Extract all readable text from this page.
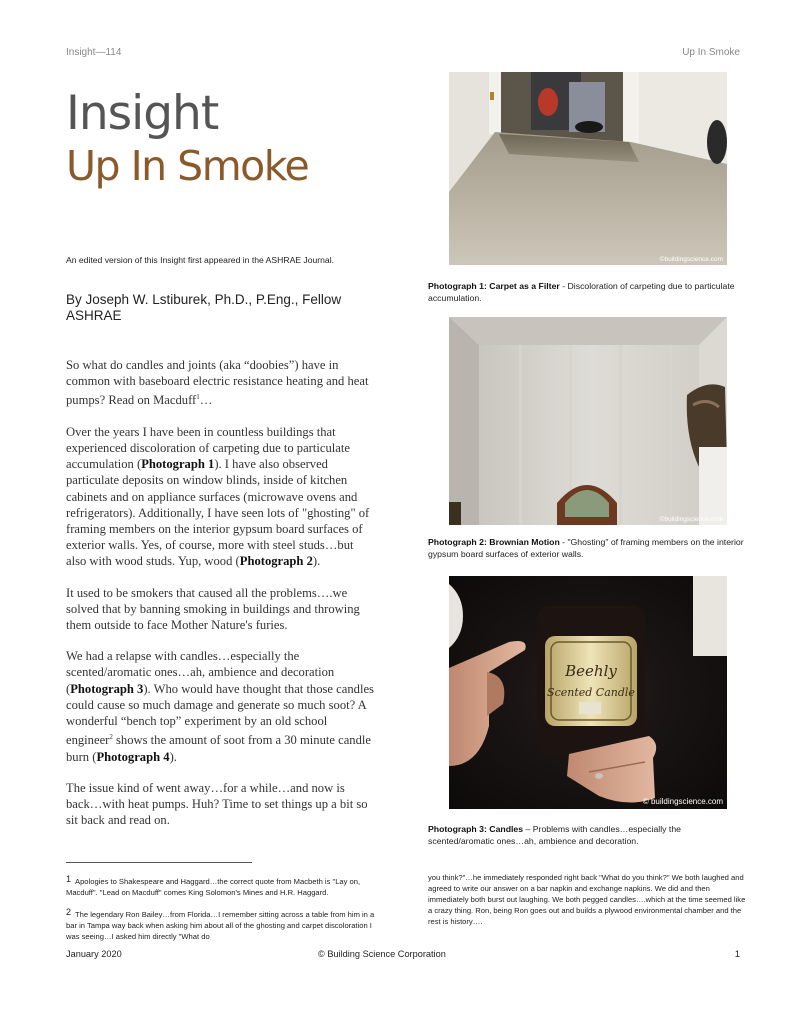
Insight—114	Up In Smoke
Insight
Up In Smoke
An edited version of this Insight first appeared in the ASHRAE Journal.
By Joseph W. Lstiburek, Ph.D., P.Eng., Fellow ASHRAE

So what do candles and joints (aka “doobies”) have in common with baseboard electric resistance heating and heat pumps? Read on Macduff$^1$…

Over the years I have been in countless buildings that experienced discoloration of carpeting due to particulate accumulation (Photograph 1). I have also observed particulate deposits on window blinds, inside of kitchen cabinets and on appliance surfaces (microwave ovens and refrigerators). Additionally, I have seen lots of "ghosting" of framing members on the interior gypsum board surfaces of exterior walls. Yes, of course, more with steel studs…but also with wood studs. Yup, wood (Photograph 2).

It used to be smokers that caused all the problems….we solved that by banning smoking in buildings and throwing them outside to face Mother Nature's furies.

We had a relapse with candles…especially the scented/aromatic ones…ah, ambience and decoration (Photograph 3). Who would have thought that those candles could cause so much damage and generate so much soot? A wonderful “bench top” experiment by an old school engineer$^2$ shows the amount of soot from a 30 minute candle burn (Photograph 4).

The issue kind of went away…for a while…and now is back…with heat pumps. Huh? Time to set things up a bit so sit back and read on.

$^1$ Apologies to Shakespeare and Haggard…the correct quote from Macbeth is "Lay on, Macduff". "Lead on Macduff" comes King Solomon's Mines and H.R. Haggard.
$^2$ The legendary Ron Bailey…from Florida…I remember sitting across a table from him in a bar in Tampa way back when asking him about all of the ghosting and carpet discoloration I was seeing…I asked him directly "What do
you think?"…he immediately responded right back "What do you think?" We both laughed and agreed to write our answer on a bar napkin and exchange napkins. We did and then immediately both burst out laughing. We both pegged candles….which at the time seemed like a crazy thing. Ron, being Ron goes out and builds a plywood environmental chamber and the rest is history….
©buildingscience.com
Photograph 1: Carpet as a Filter - Discoloration of carpeting due to particulate accumulation.
©buildingscience.com
Photograph 2: Brownian Motion - "Ghosting" of framing members on the interior gypsum board surfaces of exterior walls.
Beehly
Scented Candle
© buildingscience.com
Photograph 3: Candles – Problems with candles…especially the scented/aromatic ones…ah, ambience and decoration.
January 2020	© Building Science Corporation	1
